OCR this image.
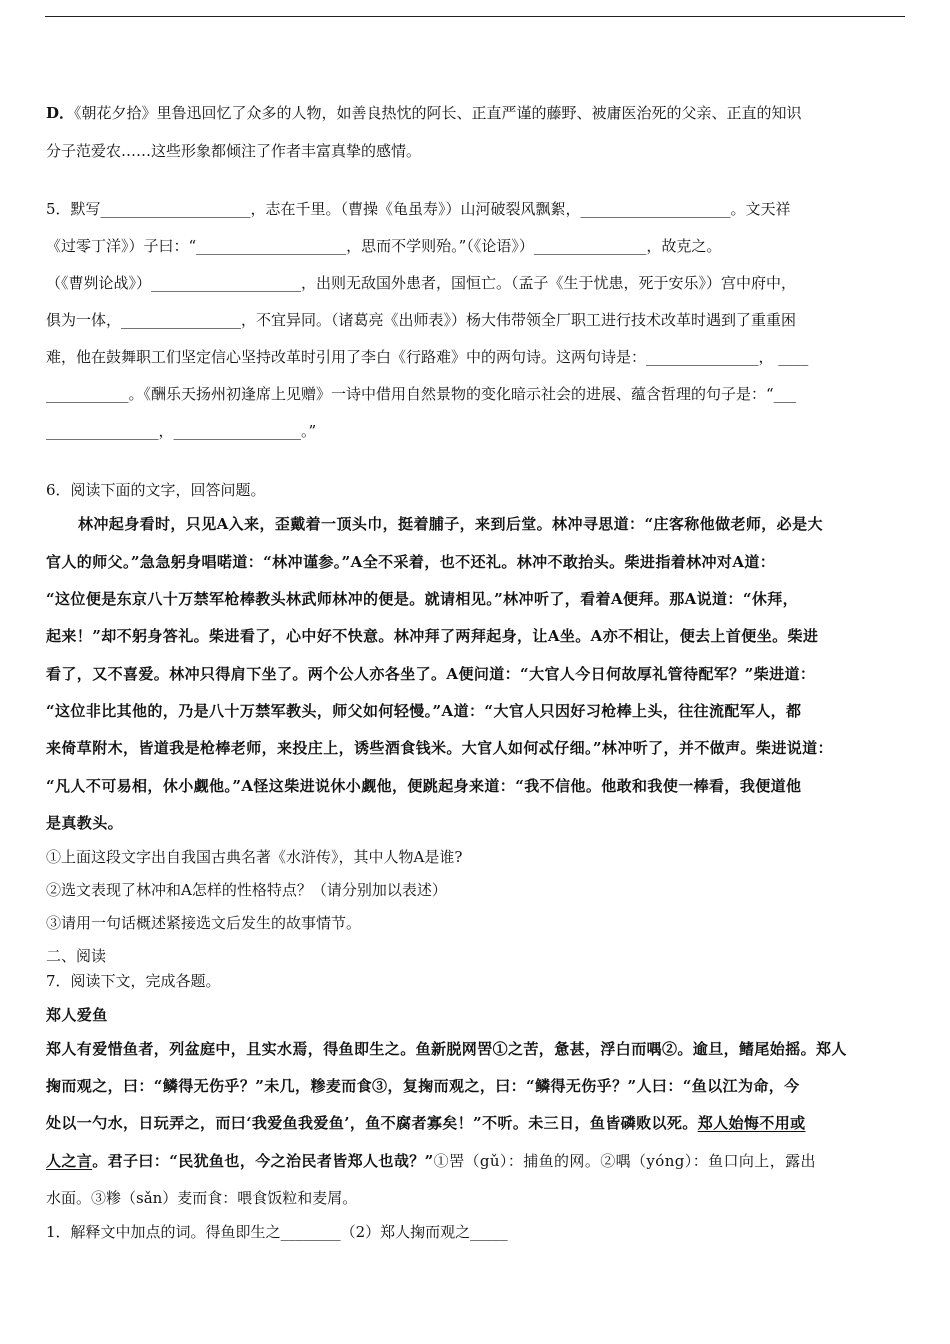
D．《朝花夕拾》里鲁迅回忆了众多的人物，如善良热忱的阿长、正直严谨的藤野、被庸医治死的父亲、正直的知识
分子范爱农……这些形象都倾注了作者丰富真挚的感情。
5．默写____________________，志在千里。（曹操《龟虽寿》）山河破裂风飘絮，____________________。文天祥
《过零丁洋》）子曰：“____________________，思而不学则殆。”（《论语》）_______________，故克之。
（《曹刿论战》）____________________，出则无敌国外患者，国恒亡。（孟子《生于忧患，死于安乐》）宫中府中，
俱为一体，________________，不宜异同。（诸葛亮《出师表》）杨大伟带领全厂职工进行技术改革时遇到了重重困
难，他在鼓舞职工们坚定信心坚持改革时引用了李白《行路难》中的两句诗。这两句诗是：_______________， ____
___________。《酬乐天扬州初逢席上见赠》一诗中借用自然景物的变化暗示社会的进展、蕴含哲理的句子是：“___
_______________，_________________。”
6．阅读下面的文字，回答问题。
林冲起身看时，只见A入来，歪戴着一顶头巾，挺着脯子，来到后堂。林冲寻思道：“庄客称他做老师，必是大
官人的师父。”急急躬身唱喏道：“林冲谨参。”A全不采着，也不还礼。林冲不敢抬头。柴进指着林冲对A道：
“这位便是东京八十万禁军枪棒教头林武师林冲的便是。就请相见。”林冲听了，看着A便拜。那A说道：“休拜，
起来！”却不躬身答礼。柴进看了，心中好不快意。林冲拜了两拜起身，让A坐。A亦不相让，便去上首便坐。柴进
看了，又不喜爱。林冲只得肩下坐了。两个公人亦各坐了。A便问道：“大官人今日何故厚礼管待配军？”柴进道：
“这位非比其他的，乃是八十万禁军教头，师父如何轻慢。”A道：“大官人只因好习枪棒上头，往往流配军人，都
来倚草附木，皆道我是枪棒老师，来投庄上，诱些酒食钱米。大官人如何忒仔细。”林冲听了，并不做声。柴进说道：
“凡人不可易相，休小觑他。”A怪这柴进说休小觑他，便跳起身来道：“我不信他。他敢和我使一棒看，我便道他
是真教头。
①上面这段文字出自我国古典名著《水浒传》，其中人物A是谁?
②选文表现了林冲和A怎样的性格特点？（请分别加以表述）
③请用一句话概述紧接选文后发生的故事情节。
二、阅读
7．阅读下文，完成各题。
郑人爱鱼
郑人有爱惜鱼者，列盆庭中，且实水焉，得鱼即生之。鱼新脱网罟①之苦，惫甚，浮白而喁②。逾旦，鳍尾始摇。郑人
掬而观之，曰：“鳞得无伤乎？”未几，糁麦而食③，复掬而观之，曰：“鳞得无伤乎？”人曰：“鱼以江为命，今
处以一勺水，日玩弄之，而曰‘我爱鱼我爱鱼’，鱼不腐者寡矣！”不听。未三日，鱼皆磷败以死。郑人始悔不用或
人之言。君子曰：“民犹鱼也，今之治民者皆郑人也哉？”①罟（gǔ）：捕鱼的网。②喁（yóng）：鱼口向上，露出
水面。③糁（sǎn）麦而食：喂食饭粒和麦屑。
1．解释文中加点的词。得鱼即生之________（2）郑人掬而观之_____
